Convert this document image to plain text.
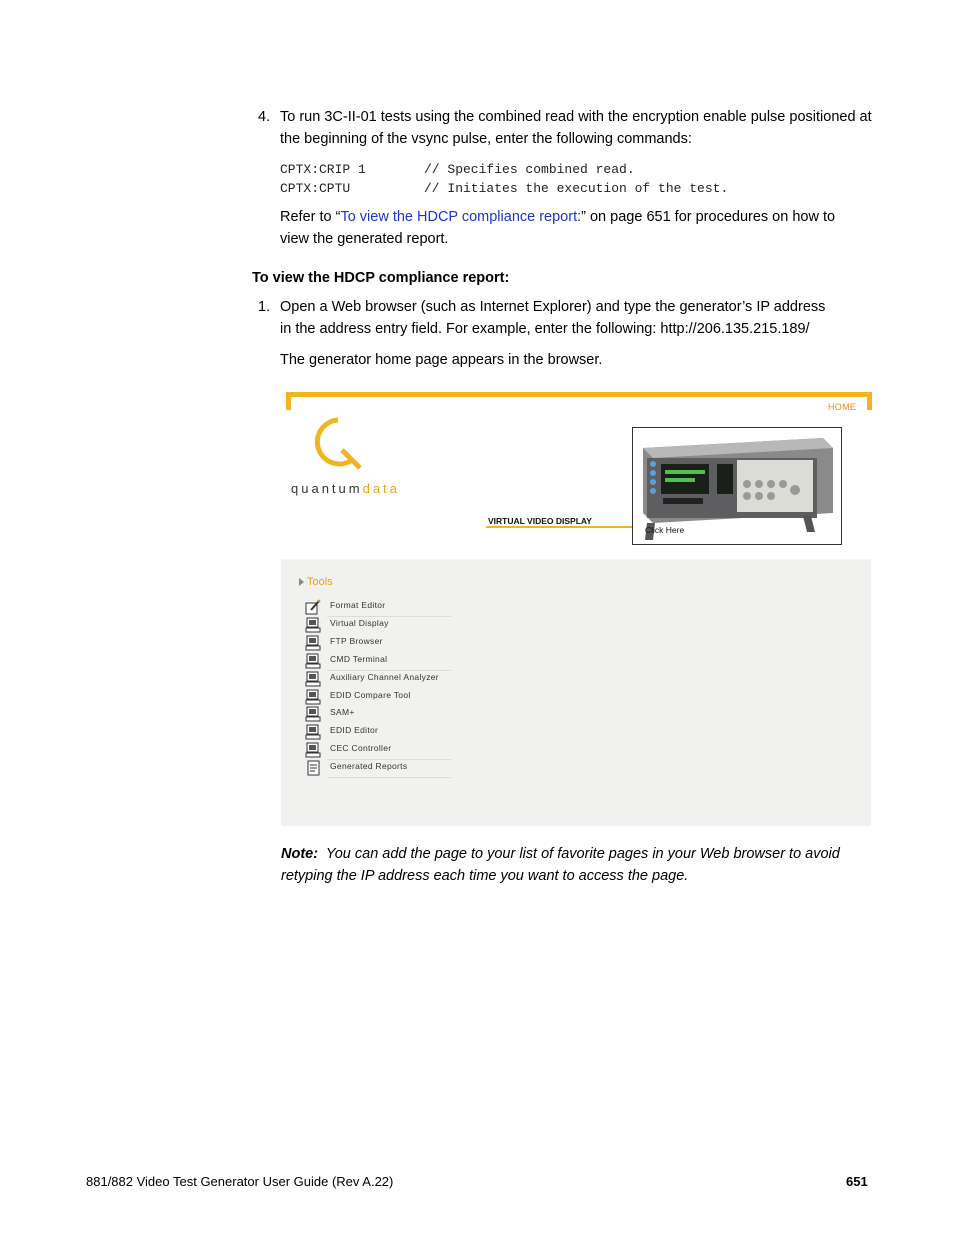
4. To run 3C-II-01 tests using the combined read with the encryption enable pulse positioned at the beginning of the vsync pulse, enter the following commands:
CPTX:CRIP 1	// Specifies combined read.
CPTX:CPTU	// Initiates the execution of the test.
Refer to “To view the HDCP compliance report:” on page 651 for procedures on how to
view the generated report.
To view the HDCP compliance report:
1. Open a Web browser (such as Internet Explorer) and type the generator’s IP address
in the address entry field. For example, enter the following: http://206.135.215.189/
The generator home page appears in the browser.
HOME
quantumdata
VIRTUAL VIDEO DISPLAY
Click Here
Tools
Format Editor
Virtual Display
FTP Browser
CMD Terminal
Auxiliary Channel Analyzer
EDID Compare Tool
SAM+
EDID Editor
CEC Controller
Generated Reports
Note: You can add the page to your list of favorite pages in your Web browser to avoid
retyping the IP address each time you want to access the page.
881/882 Video Test Generator User Guide (Rev A.22)	651
